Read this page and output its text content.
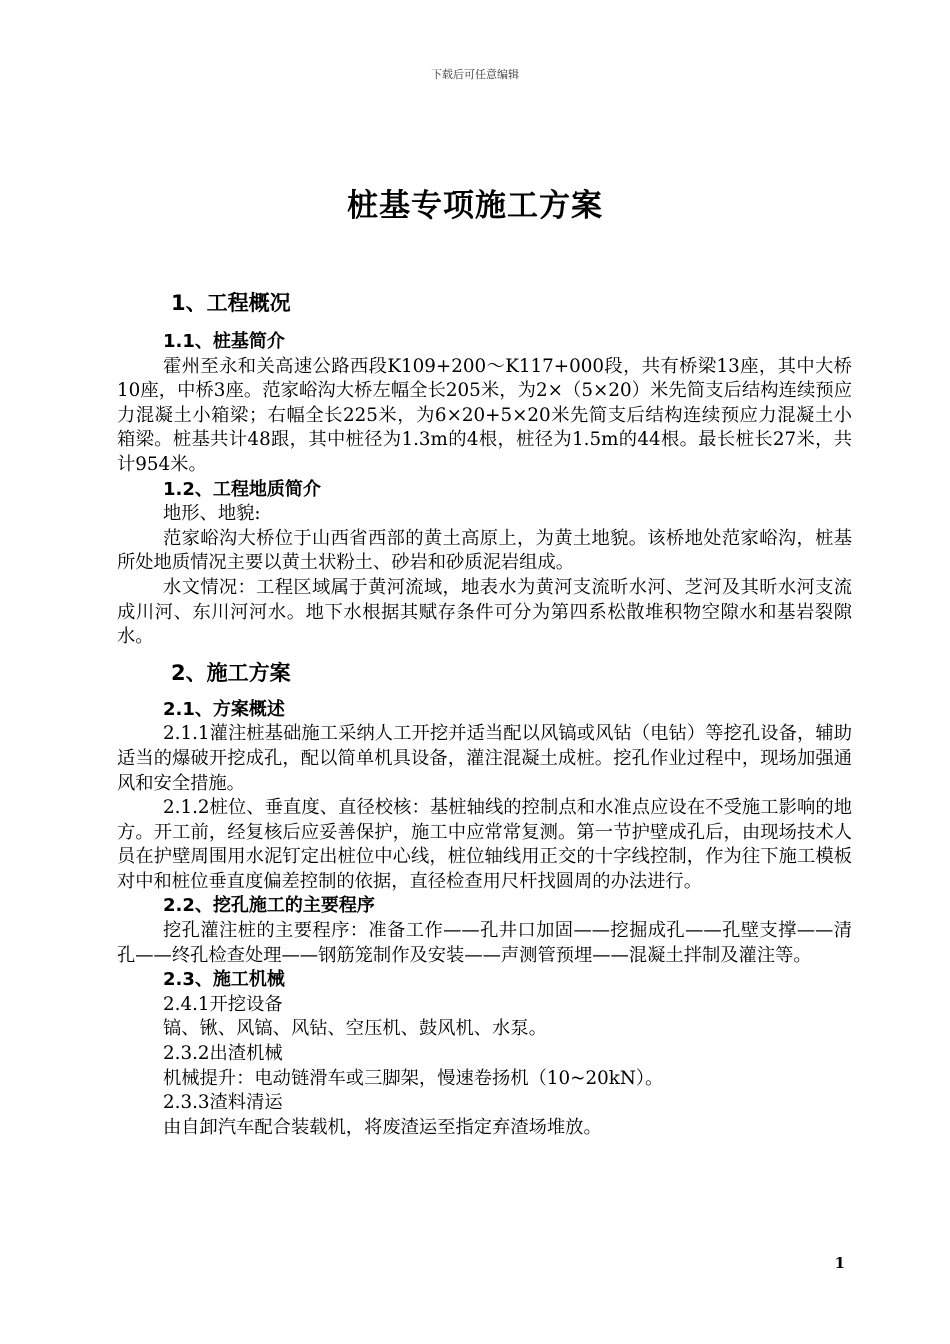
下载后可任意编辑
桩基专项施工方案
1、工程概况
1.1、桩基简介

霍州至永和关高速公路西段K109+200～K117+000段，共有桥梁13座，其中大桥10座，中桥3座。范家峪沟大桥左幅全长205米，为2×（5×20）米先简支后结构连续预应力混凝土小箱梁；右幅全长225米，为6×20+5×20米先简支后结构连续预应力混凝土小箱梁。桩基共计48跟，其中桩径为1.3m的4根，桩径为1.5m的44根。最长桩长27米，共计954米。

1.2、工程地质简介
地形、地貌:

范家峪沟大桥位于山西省西部的黄土高原上，为黄土地貌。该桥地处范家峪沟，桩基所处地质情况主要以黄土状粉土、砂岩和砂质泥岩组成。

水文情况：工程区域属于黄河流域，地表水为黄河支流昕水河、芝河及其昕水河支流成川河、东川河河水。地下水根据其赋存条件可分为第四系松散堆积物空隙水和基岩裂隙水。

2、施工方案
2.1、方案概述

2.1.1灌注桩基础施工采纳人工开挖并适当配以风镐或风钻（电钻）等挖孔设备，辅助适当的爆破开挖成孔，配以简单机具设备，灌注混凝土成桩。挖孔作业过程中，现场加强通风和安全措施。

2.1.2桩位、垂直度、直径校核：基桩轴线的控制点和水准点应设在不受施工影响的地方。开工前，经复核后应妥善保护，施工中应常常复测。第一节护壁成孔后，由现场技术人员在护壁周围用水泥钉定出桩位中心线，桩位轴线用正交的十字线控制，作为往下施工模板对中和桩位垂直度偏差控制的依据，直径检查用尺杆找圆周的办法进行。

2.2、挖孔施工的主要程序

挖孔灌注桩的主要程序：准备工作——孔井口加固——挖掘成孔——孔壁支撑——清孔——终孔检查处理——钢筋笼制作及安装——声测管预埋——混凝土拌制及灌注等。

2.3、施工机械
2.4.1开挖设备
镐、锹、风镐、风钻、空压机、鼓风机、水泵。
2.3.2出渣机械
机械提升：电动链滑车或三脚架，慢速卷扬机（10~20kN）。
2.3.3渣料清运
由自卸汽车配合装载机，将废渣运至指定弃渣场堆放。
1
